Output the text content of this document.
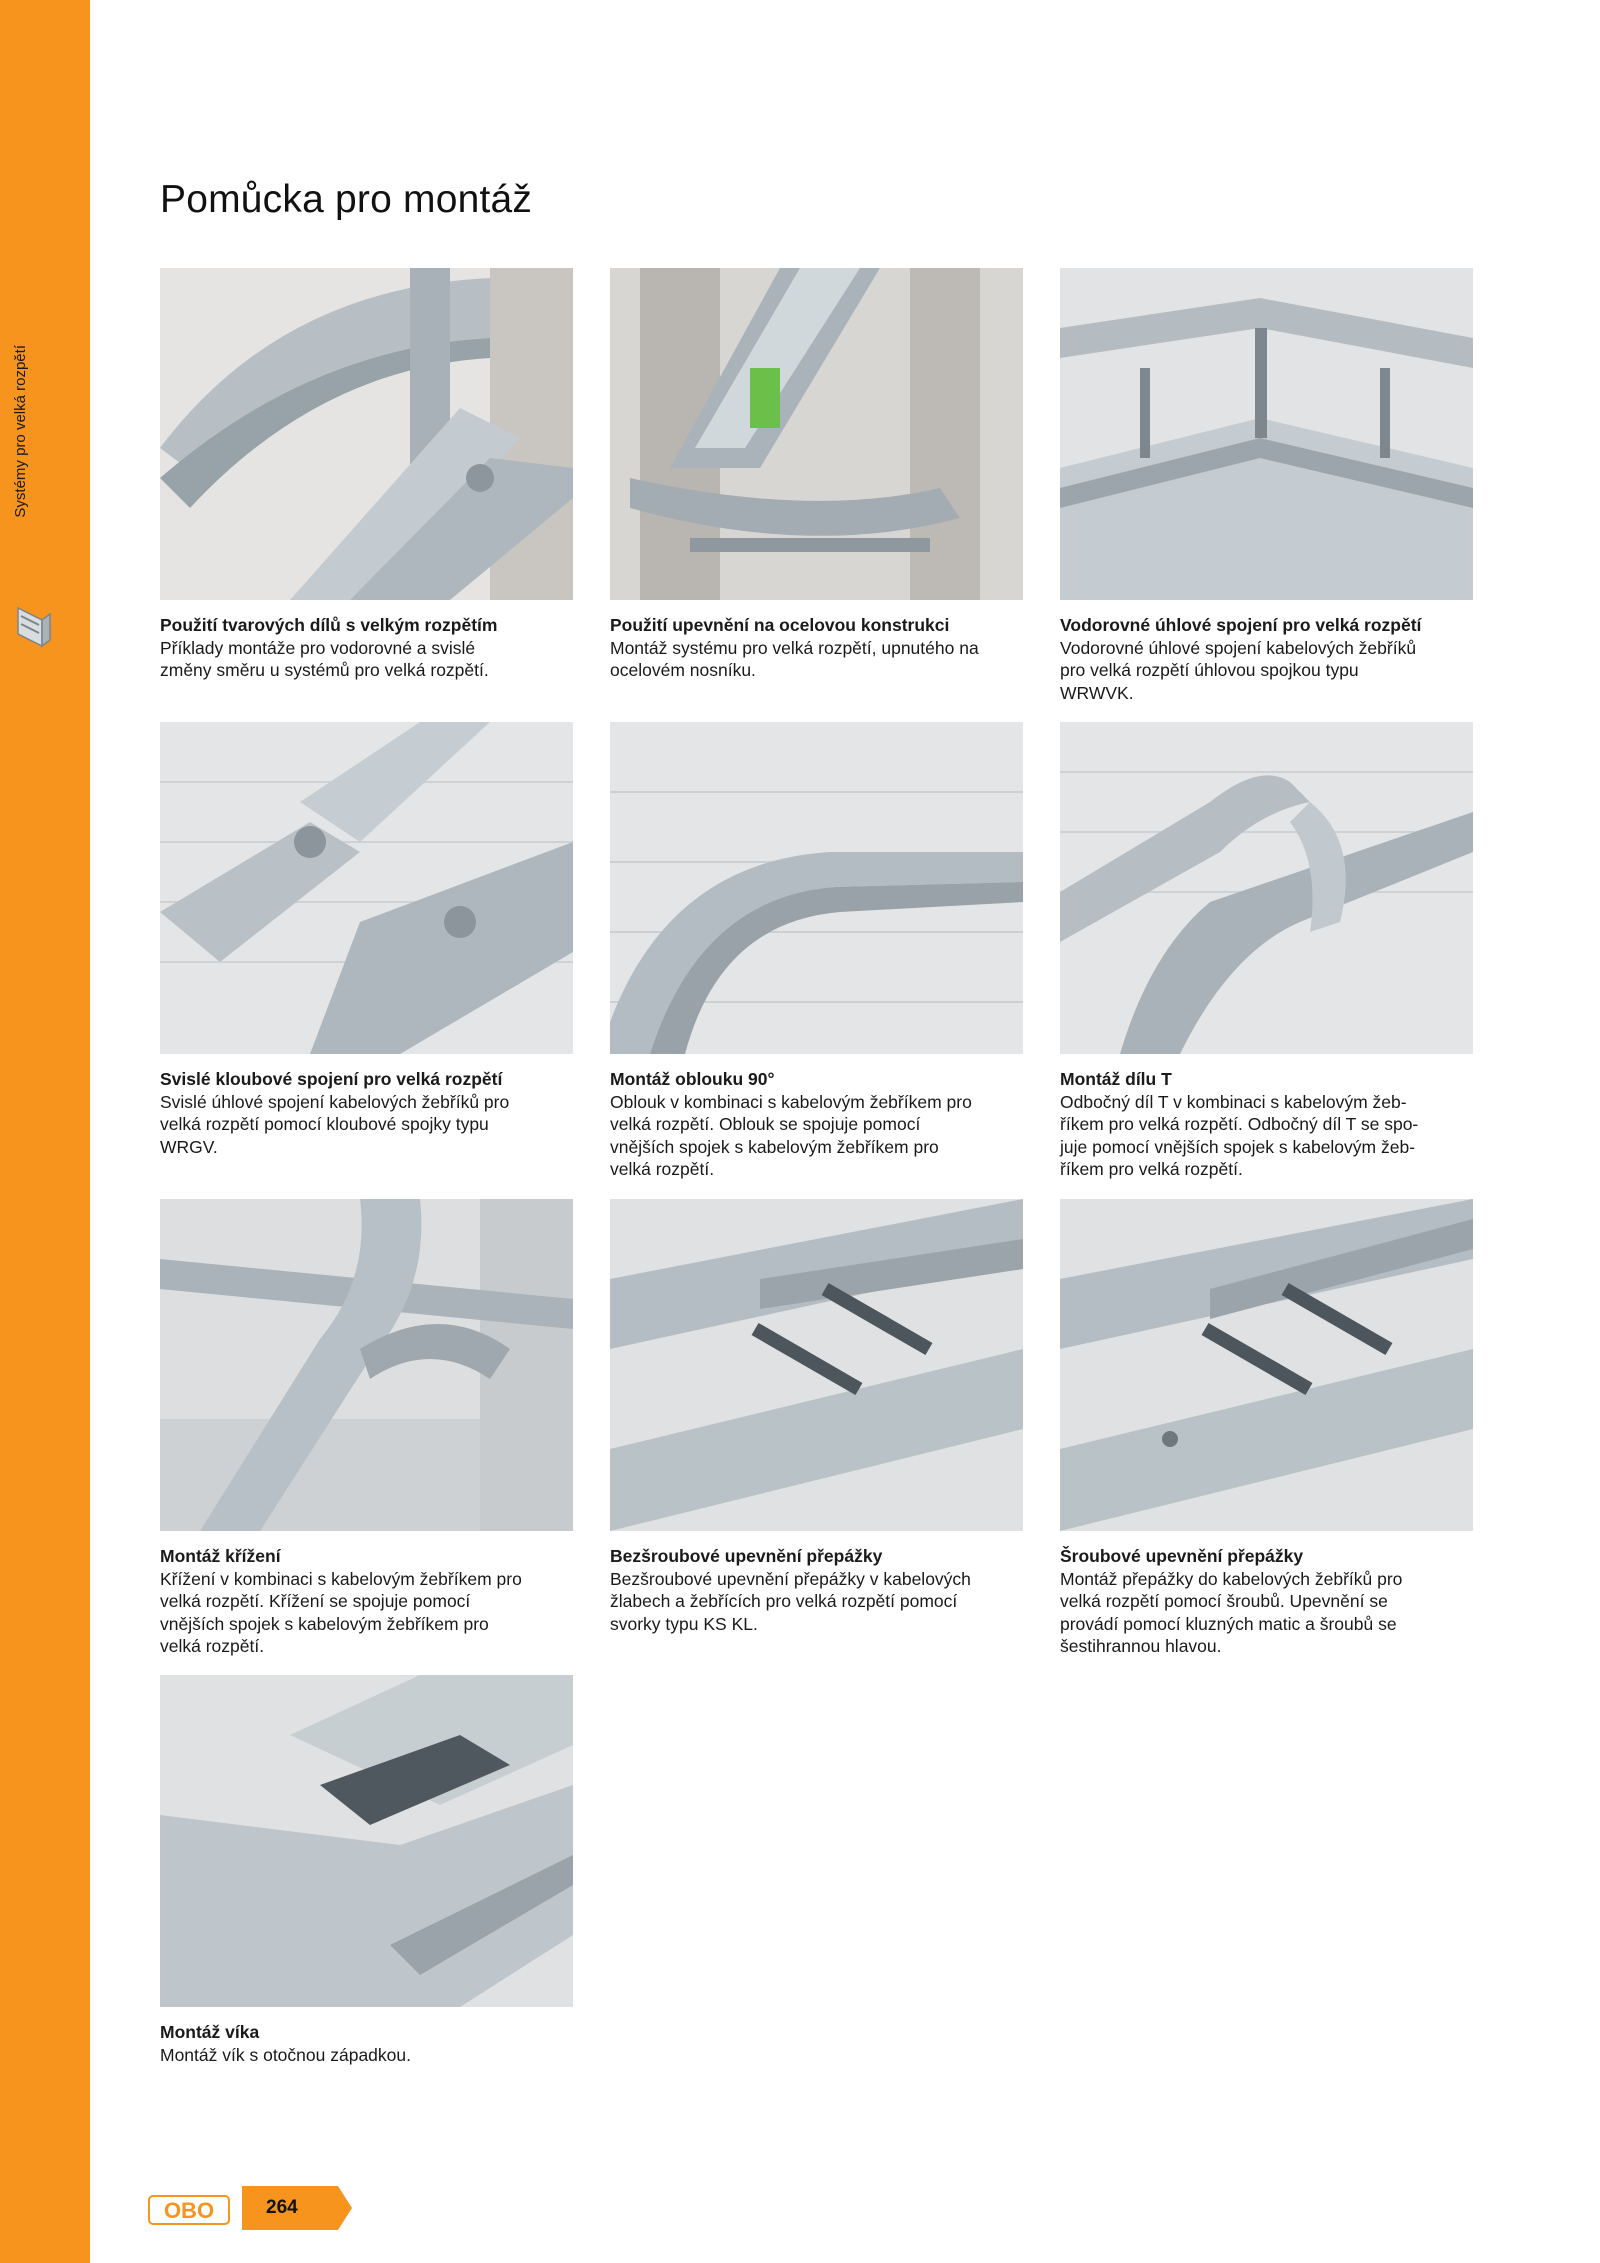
Systémy pro velká rozpětí
Pomůcka pro montáž
Použití tvarových dílů s velkým rozpětím
Příklady montáže pro vodorovné a svislé
změny směru u systémů pro velká rozpětí.
Použití upevnění na ocelovou konstrukci
Montáž systému pro velká rozpětí, upnutého na
ocelovém nosníku.
Vodorovné úhlové spojení pro velká rozpětí
Vodorovné úhlové spojení kabelových žebříků
pro velká rozpětí úhlovou spojkou typu
WRWVK.
Svislé kloubové spojení pro velká rozpětí
Svislé úhlové spojení kabelových žebříků pro
velká rozpětí pomocí kloubové spojky typu
WRGV.
Montáž oblouku 90°
Oblouk v kombinaci s kabelovým žebříkem pro
velká rozpětí. Oblouk se spojuje pomocí
vnějších spojek s kabelovým žebříkem pro
velká rozpětí.
Montáž dílu T
Odbočný díl T v kombinaci s kabelovým žeb-
říkem pro velká rozpětí. Odbočný díl T se spo-
juje pomocí vnějších spojek s kabelovým žeb-
říkem pro velká rozpětí.
Montáž křížení
Křížení v kombinaci s kabelovým žebříkem pro
velká rozpětí. Křížení se spojuje pomocí
vnějších spojek s kabelovým žebříkem pro
velká rozpětí.
Bezšroubové upevnění přepážky
Bezšroubové upevnění přepážky v kabelových
žlabech a žebřících pro velká rozpětí pomocí
svorky typu KS KL.
Šroubové upevnění přepážky
Montáž přepážky do kabelových žebříků pro
velká rozpětí pomocí šroubů. Upevnění se
provádí pomocí kluzných matic a šroubů se
šestihrannou hlavou.
Montáž víka
Montáž vík s otočnou západkou.
OBO	264
